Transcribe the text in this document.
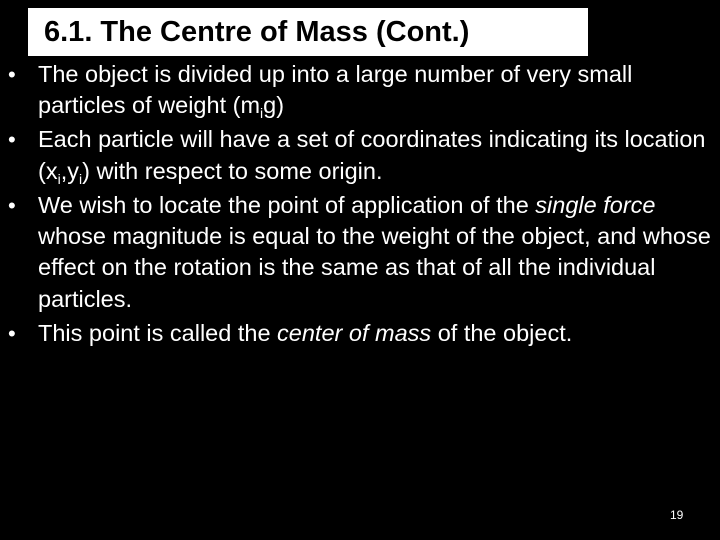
6.1. The Centre of Mass (Cont.)
• The object is divided up into a large number of very small particles of weight $(m_ig)$
• Each particle will have a set of coordinates indicating its location $(x_i,y_i)$ with respect to some origin.
• We wish to locate the point of application of the single force whose magnitude is equal to the weight of the object, and whose effect on the rotation is the same as that of all the individual particles.
• This point is called the center of mass of the object.
19
